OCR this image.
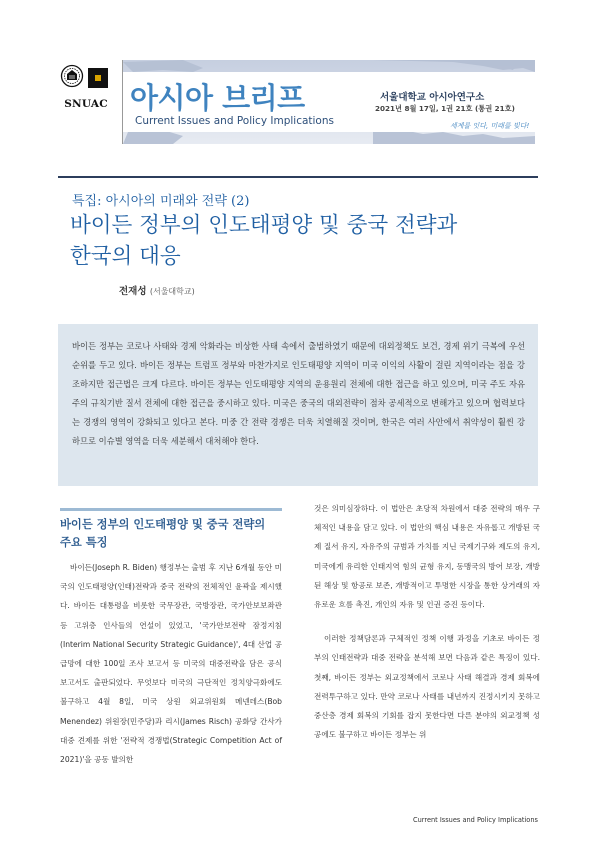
SNUAC 아시아 브리프
Current Issues and Policy Implications
서울대학교 아시아연구소
2021년 8월 17일, 1권 21호 (통권 21호)
세계를 잇다, 미래를 빚다!
특집: 아시아의 미래와 전략 (2)
바이든 정부의 인도태평양 및 중국 전략과
한국의 대응
전재성 (서울대학교)

바이든 정부는 코로나 사태와 경제 악화라는 비상한 사태 속에서 출범하였기 때문에 대외정책도 보건, 경제 위기 극복에 우선순위를 두고 있다. 바이든 정부는 트럼프 정부와 마찬가지로 인도태평양 지역이 미국 이익의 사활이 걸린 지역이라는 점을 강조하지만 접근법은 크게 다르다. 바이든 정부는 인도태평양 지역의 운용원리 전체에 대한 접근을 하고 있으며, 미국 주도 자유주의 규칙기반 질서 전체에 대한 접근을 중시하고 있다. 미국은 중국의 대외전략이 점차 공세적으로 변해가고 있으며 협력보다는 경쟁의 영역이 강화되고 있다고 본다. 미중 간 전략 경쟁은 더욱 치열해질 것이며, 한국은 여러 사안에서 취약성이 훨씬 강하므로 이슈별 영역을 더욱 세분해서 대처해야 한다.

바이든 정부의 인도태평양 및 중국 전략의
주요 특징

바이든(Joseph R. Biden) 행정부는 출범 후 지난 6개월 동안 미국의 인도태평양(인태)전략과 중국 전략의 전체적인 윤곽을 제시했다. 바이든 대통령을 비롯한 국무장관, 국방장관, 국가안보보좌관 등 고위층 인사들의 연설이 있었고, '국가안보전략 잠정지침(Interim National Security Strategic Guidance)', 4대 산업 공급망에 대한 100일 조사 보고서 등 미국의 대중전략을 담은 공식 보고서도 출판되었다. 무엇보다 미국의 극단적인 정치양극화에도 불구하고 4월 8일, 미국 상원 외교위원회 메넨데스(Bob Menendez) 위원장(민주당)과 리시(James Risch) 공화당 간사가 대중 견제를 위한 '전략적 경쟁법(Strategic Competition Act of 2021)'을 공동 발의한

것은 의미심장하다. 이 법안은 초당적 차원에서 대중 전략의 매우 구체적인 내용을 담고 있다. 이 법안의 핵심 내용은 자유롭고 개방된 국제 질서 유지, 자유주의 규범과 가치를 지닌 국제기구와 제도의 유지, 미국에게 유리한 인태지역 힘의 균형 유지, 동맹국의 방어 보장, 개방된 해상 및 항공로 보존, 개방적이고 투명한 시장을 통한 상거래의 자유로운 흐름 촉진, 개인의 자유 및 인권 증진 등이다.

이러한 정책담론과 구체적인 정책 이행 과정을 기초로 바이든 정부의 인태전략과 대중 전략을 분석해 보면 다음과 같은 특징이 있다. 첫째, 바이든 정부는 외교정책에서 코로나 사태 해결과 경제 회복에 전력투구하고 있다. 만약 코로나 사태를 내년까지 진정시키지 못하고 중산층 경제 회복의 기회를 잡지 못한다면 다른 분야의 외교정책 성공에도 불구하고 바이든 정부는 위

Current Issues and Policy Implications
